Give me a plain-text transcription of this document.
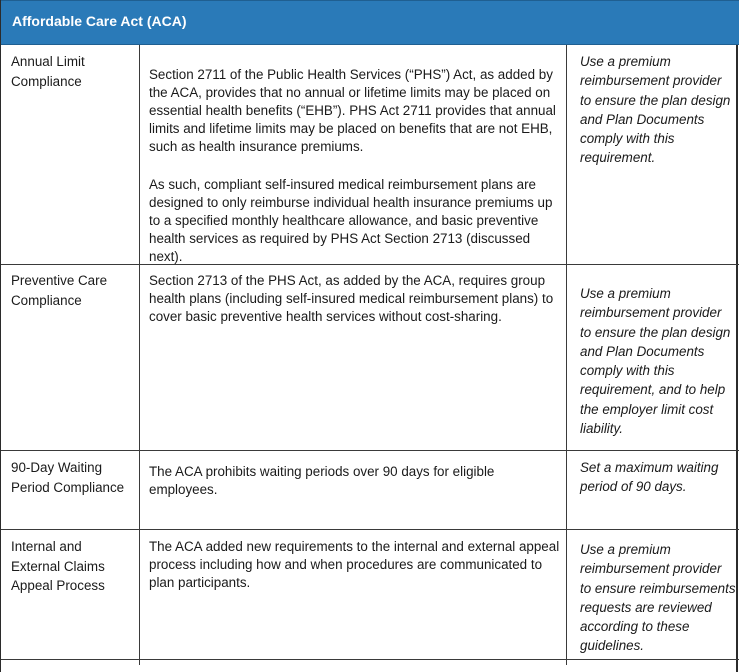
Affordable Care Act (ACA)
Annual Limit Compliance	Section 2711 of the Public Health Services (“PHS”) Act, as added by the ACA, provides that no annual or lifetime limits may be placed on essential health benefits (“EHB”). PHS Act 2711 provides that annual limits and lifetime limits may be placed on benefits that are not EHB, such as health insurance premiums.

As such, compliant self-insured medical reimbursement plans are designed to only reimburse individual health insurance premiums up to a specified monthly healthcare allowance, and basic preventive health services as required by PHS Act Section 2713 (discussed next).

Use a premium reimbursement provider to ensure the plan design and Plan Documents comply with this requirement.
Preventive Care Compliance

Section 2713 of the PHS Act, as added by the ACA, requires group health plans (including self-insured medical reimbursement plans) to cover basic preventive health services without cost-sharing.

Use a premium reimbursement provider to ensure the plan design and Plan Documents comply with this requirement, and to help the employer limit cost liability.
90-Day Waiting Period Compliance

The ACA prohibits waiting periods over 90 days for eligible employees.

Set a maximum waiting period of 90 days.
Internal and External Claims Appeal Process

The ACA added new requirements to the internal and external appeal process including how and when procedures are communicated to plan participants.

Use a premium reimbursement provider to ensure reimbursements requests are reviewed according to these guidelines.
